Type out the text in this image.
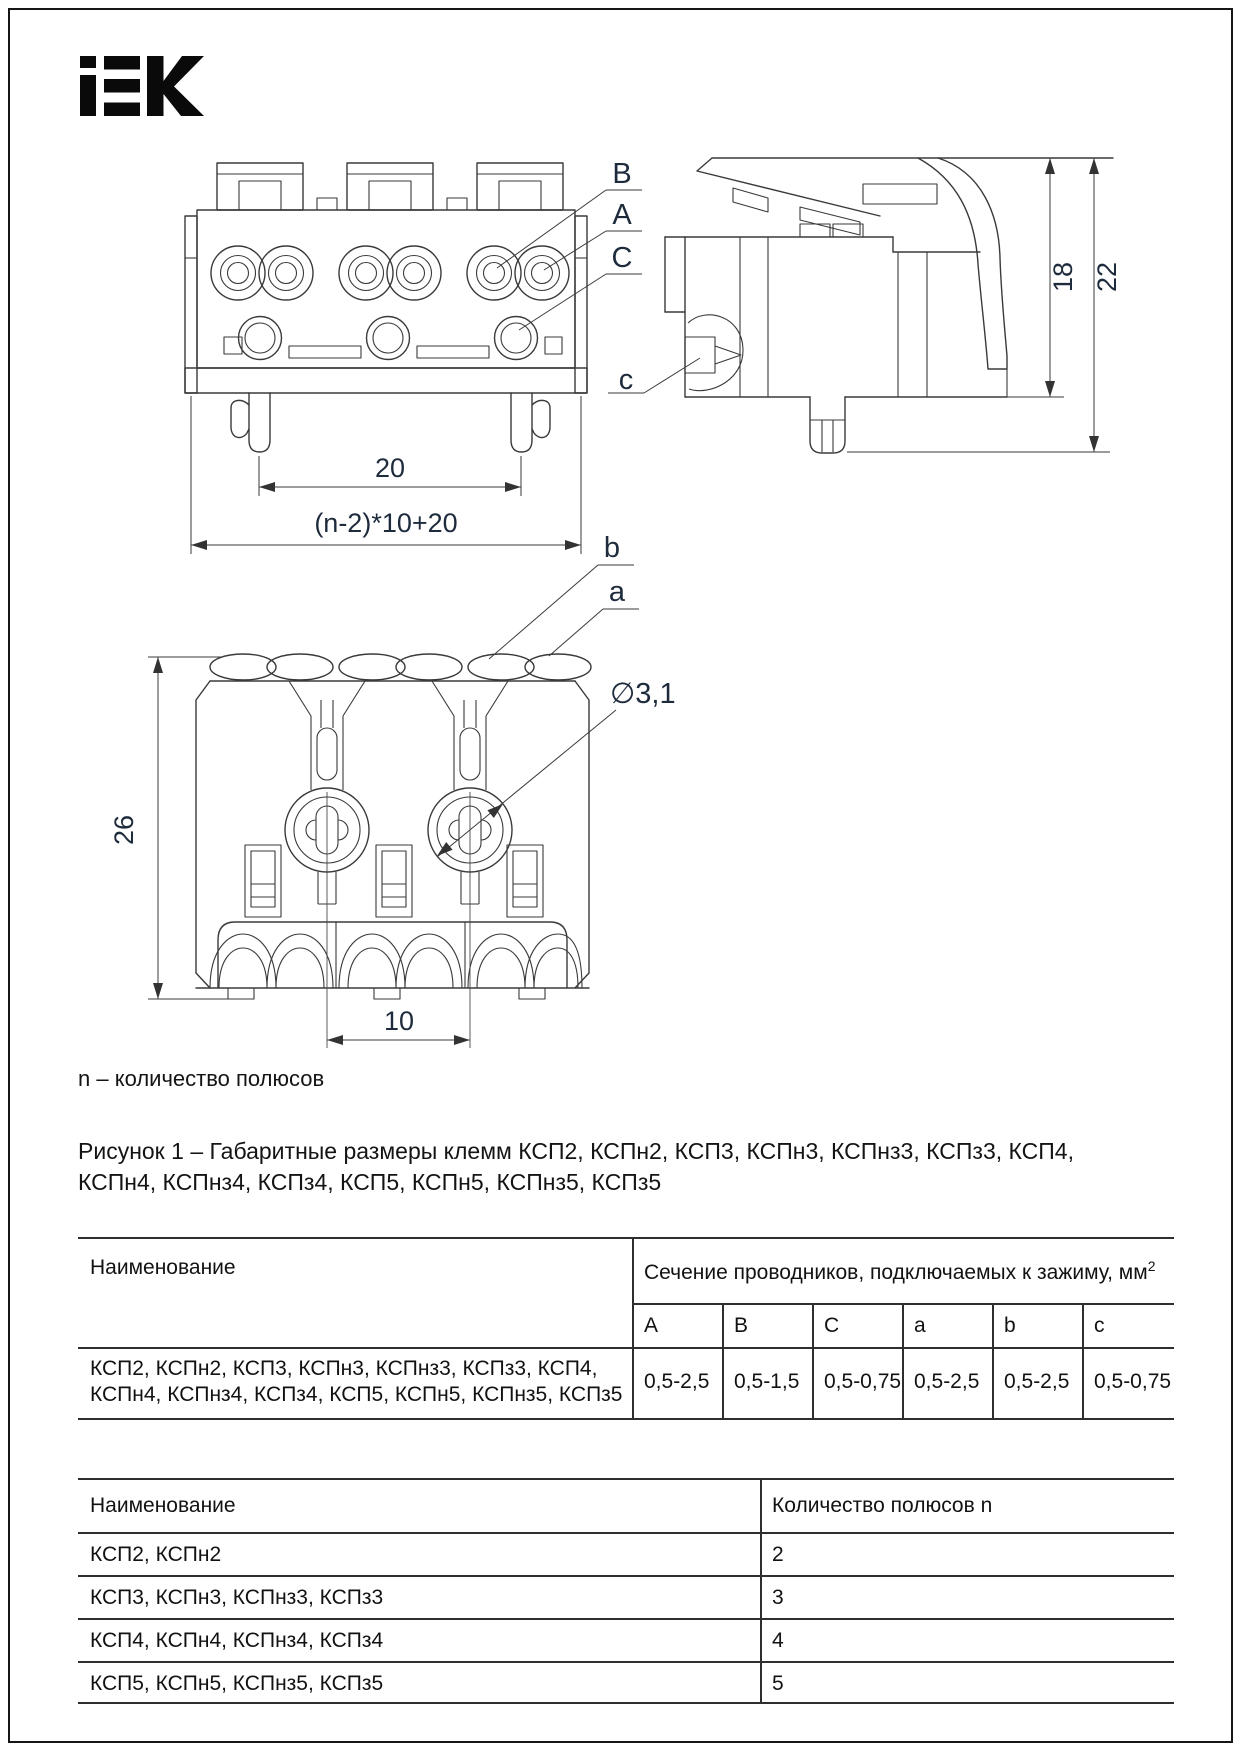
20
(n-2)*10+20
B
A
C
18 22
c
26
10
b
a
∅3,1
n – количество полюсов
Рисунок 1 – Габаритные размеры клемм КСП2, КСПн2, КСП3, КСПн3, КСПнз3, КСПз3, КСП4,
КСПн4, КСПнз4, КСПз4, КСП5, КСПн5, КСПнз5, КСПз5
Наименование	Сечение проводников, подключаемых к зажиму, $мм^2$
A	B	C	a	b	c
КСП2, КСПн2, КСП3, КСПн3, КСПнз3, КСПз3, КСП4, КСПн4, КСПнз4, КСПз4, КСП5, КСПн5, КСПнз5, КСПз5
0,5-2,5 0,5-1,5 0,5-0,75 0,5-2,5 0,5-2,5 0,5-0,75
Наименование	Количество полюсов n
КСП2, КСПн2	2
КСП3, КСПн3, КСПнз3, КСПз3	3
КСП4, КСПн4, КСПнз4, КСПз4	4
КСП5, КСПн5, КСПнз5, КСПз5	5
